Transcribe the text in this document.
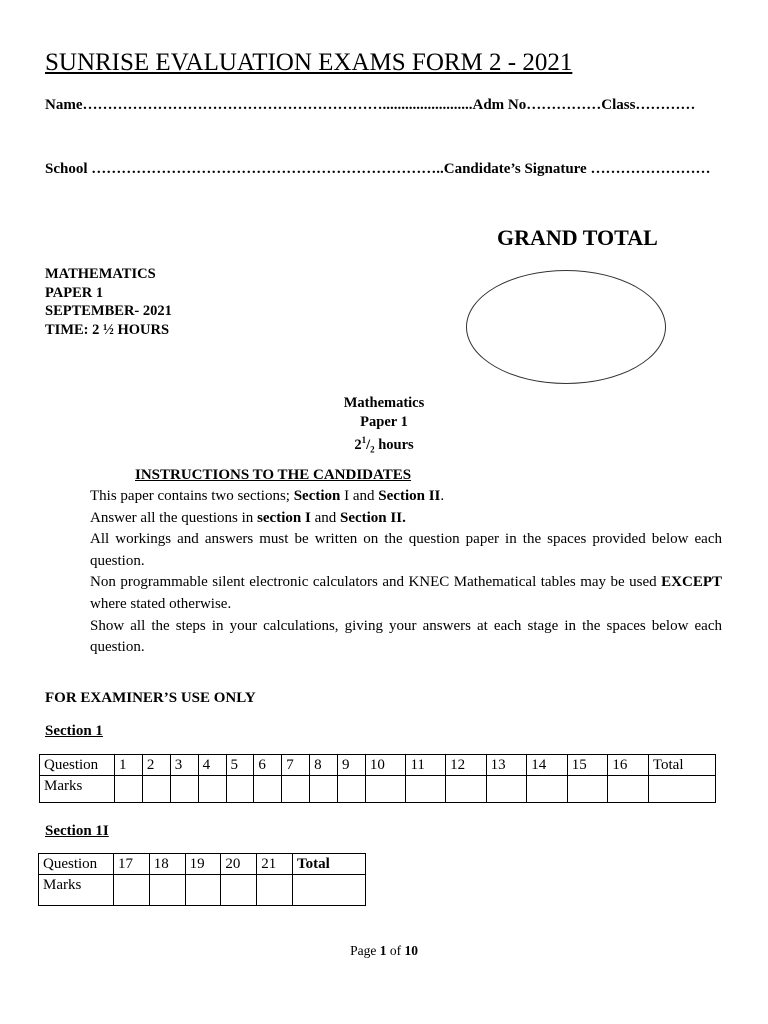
SUNRISE EVALUATION EXAMS FORM 2 - 2021
Name……………………………………………………........................Adm No……………Class…………
School ……………………………………………………………..Candidate’s Signature ……………………
GRAND TOTAL
MATHEMATICS
PAPER 1
SEPTEMBER- 2021
TIME: 2 ½ HOURS
Mathematics
Paper 1
$2^1/_2$ hours
INSTRUCTIONS TO THE CANDIDATES

This paper contains two sections; Section I and Section II.

Answer all the questions in section I and Section II.

All workings and answers must be written on the question paper in the spaces provided below each question.

Non programmable silent electronic calculators and KNEC Mathematical tables may be used EXCEPT where stated otherwise.

Show all the steps in your calculations, giving your answers at each stage in the spaces below each question.

FOR EXAMINER’S USE ONLY
Section 1
Question	1	2	3	4	5	6	7	8	9	10	11	12	13	14	15	16	Total
Marks																	
Section 1I
Question	17	18	19	20	21	Total
Marks						
Page 1 of 10
